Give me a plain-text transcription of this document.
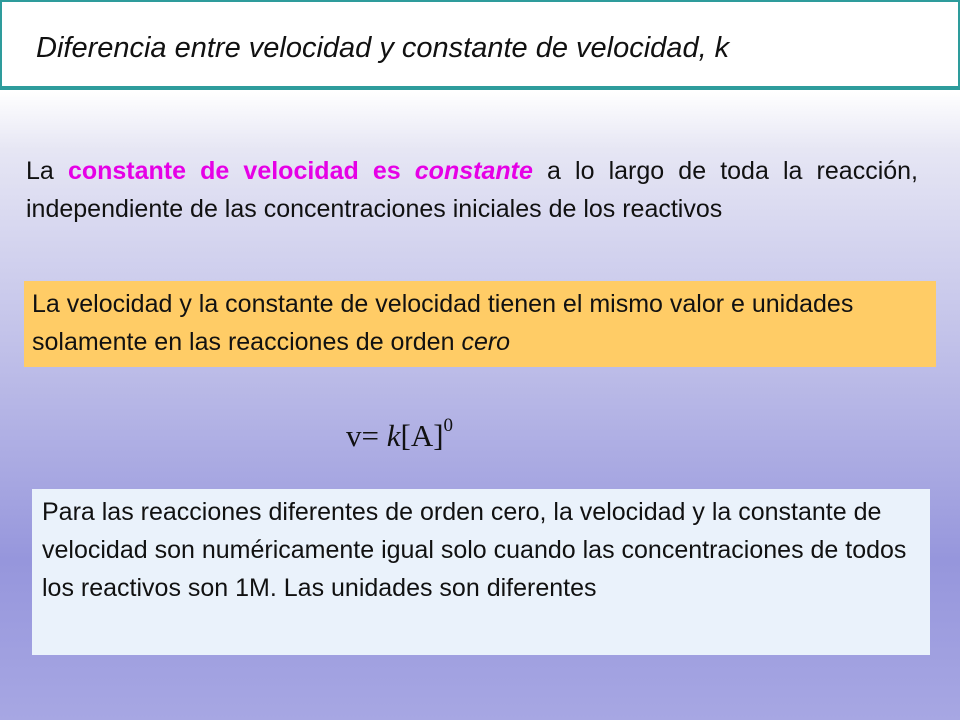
Diferencia entre velocidad y constante de velocidad, k
La constante de velocidad es constante a lo largo de toda la reacción, independiente de las concentraciones iniciales de los reactivos
La velocidad y la constante de velocidad tienen el mismo valor e unidades solamente en las reacciones de orden cero
$v= k[A]^0$
Para las reacciones diferentes de orden cero, la velocidad y la constante de velocidad son numéricamente igual solo cuando las concentraciones de todos los reactivos son 1M. Las unidades son diferentes
